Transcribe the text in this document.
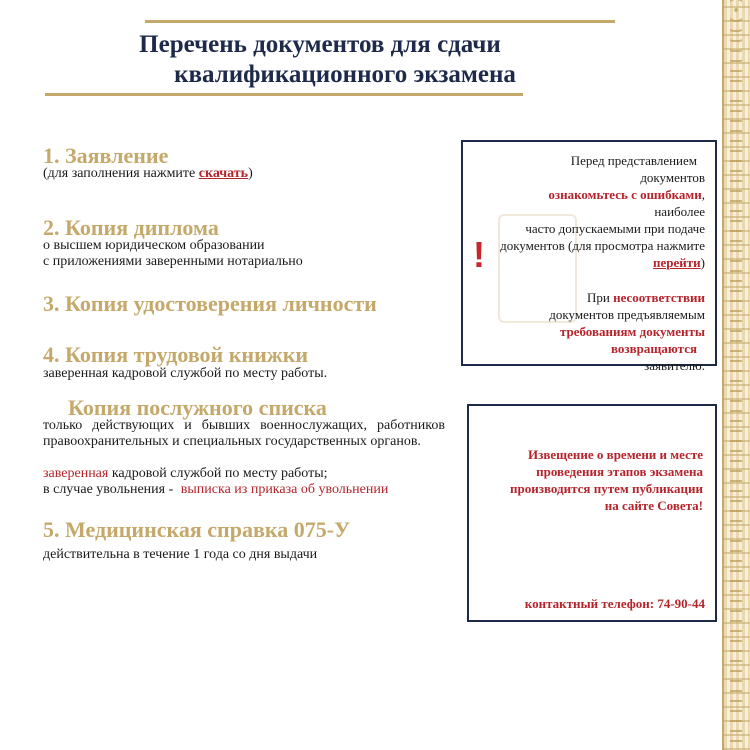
Перечень документов для сдачи
квалификационного экзамена
1. Заявление
(для заполнения нажмите скачать)
2. Копия диплома
о высшем юридическом образовании
с приложениями заверенными нотариально
3. Копия удостоверения личности
4. Копия трудовой книжки
заверенная кадровой службой по месту работы.
Копия послужного списка
только действующих и бывших военнослужащих, работников правоохранительных и специальных государственных органов.
заверенная кадровой службой по месту работы;
в случае увольнения - выписка из приказа об увольнении
5. Медицинская справка 075-У
действительна в течение 1 года со дня выдачи
!

Перед представлением

документов

ознакомьтесь с ошибками, наиболее

часто допускаемыми при подаче

документов (для просмотра нажмите

перейти)

При несоответствии

документов предъявляемым

требованиям документы

возвращаются

заявителю.

Извещение о времени и месте проведения этапов экзамена производится путем публикации на сайте Совета!
контактный телефон: 74-90-44
